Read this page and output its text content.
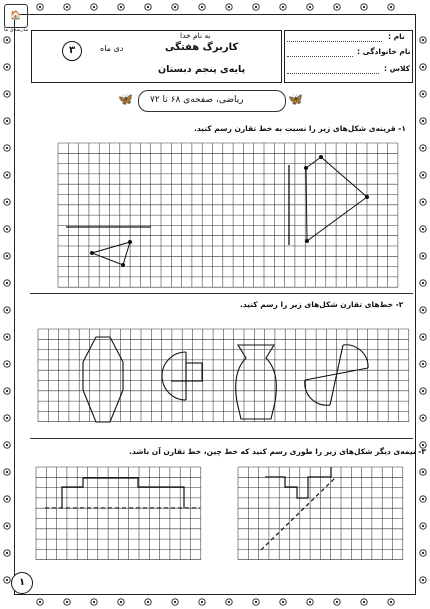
🏠
مدرسه‌ی ما
به نام خدا
کاربرگ هفتگی
پایه‌ی پنجم دبستان
دی ماه
۳
نام :
نام خانوادگی :
کلاس :
ریاضی، صفحه‌ی ۶۸ تا ۷۲
🦋	🦋
۱- قرینه‌ی شکل‌های زیر را نسبت به خط تقارن رسم کنید.
۲- خط‌های تقارن شکل‌های زیر را رسم کنید.
۳- نیمه‌ی دیگر شکل‌های زیر را طوری رسم کنید که خط چین، خط تقارن آن باشد.
۱
